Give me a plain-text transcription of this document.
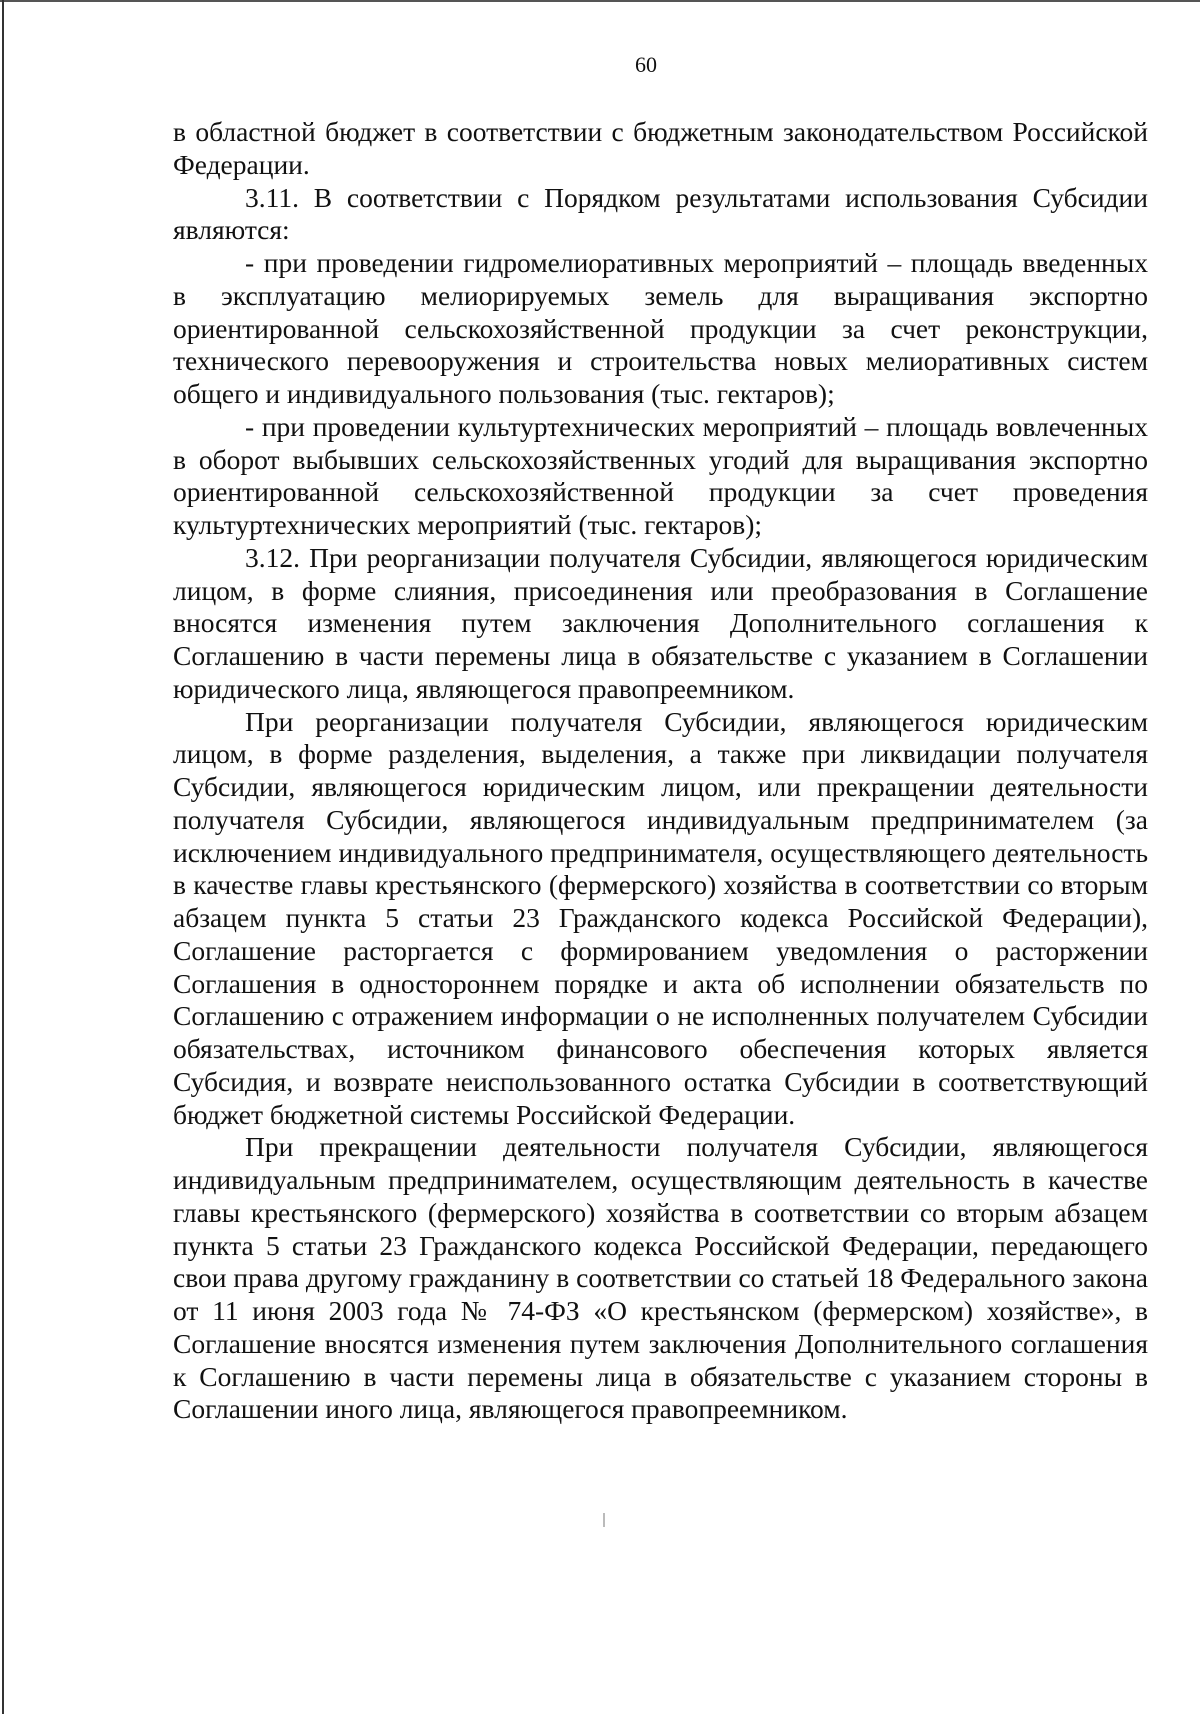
60

в областной бюджет в соответствии с бюджетным законодательством Российской Федерации.

3.11. В соответствии с Порядком результатами использования Субсидии являются:

- при проведении гидромелиоративных мероприятий – площадь введенных в эксплуатацию мелиорируемых земель для выращивания экспортно ориентированной сельскохозяйственной продукции за счет реконструкции, технического перевооружения и строительства новых мелиоративных систем общего и индивидуального пользования (тыс. гектаров);

- при проведении культуртехнических мероприятий – площадь вовлеченных в оборот выбывших сельскохозяйственных угодий для выращивания экспортно ориентированной сельскохозяйственной продукции за счет проведения культуртехнических мероприятий (тыс. гектаров);

3.12. При реорганизации получателя Субсидии, являющегося юридическим лицом, в форме слияния, присоединения или преобразования в Соглашение вносятся изменения путем заключения Дополнительного соглашения к Соглашению в части перемены лица в обязательстве с указанием в Соглашении юридического лица, являющегося правопреемником.

При реорганизации получателя Субсидии, являющегося юридическим лицом, в форме разделения, выделения, а также при ликвидации получателя Субсидии, являющегося юридическим лицом, или прекращении деятельности получателя Субсидии, являющегося индивидуальным предпринимателем (за исключением индивидуального предпринимателя, осуществляющего деятельность в качестве главы крестьянского (фермерского) хозяйства в соответствии со вторым абзацем пункта 5 статьи 23 Гражданского кодекса Российской Федерации), Соглашение расторгается с формированием уведомления о расторжении Соглашения в одностороннем порядке и акта об исполнении обязательств по Соглашению с отражением информации о не исполненных получателем Субсидии обязательствах, источником финансового обеспечения которых является Субсидия, и возврате неиспользованного остатка Субсидии в соответствующий бюджет бюджетной системы Российской Федерации.

При прекращении деятельности получателя Субсидии, являющегося индивидуальным предпринимателем, осуществляющим деятельность в качестве главы крестьянского (фермерского) хозяйства в соответствии со вторым абзацем пункта 5 статьи 23 Гражданского кодекса Российской Федерации, передающего свои права другому гражданину в соответствии со статьей 18 Федерального закона от 11 июня 2003 года № 74-ФЗ «О крестьянском (фермерском) хозяйстве», в Соглашение вносятся изменения путем заключения Дополнительного соглашения к Соглашению в части перемены лица в обязательстве с указанием стороны в Соглашении иного лица, являющегося правопреемником.
